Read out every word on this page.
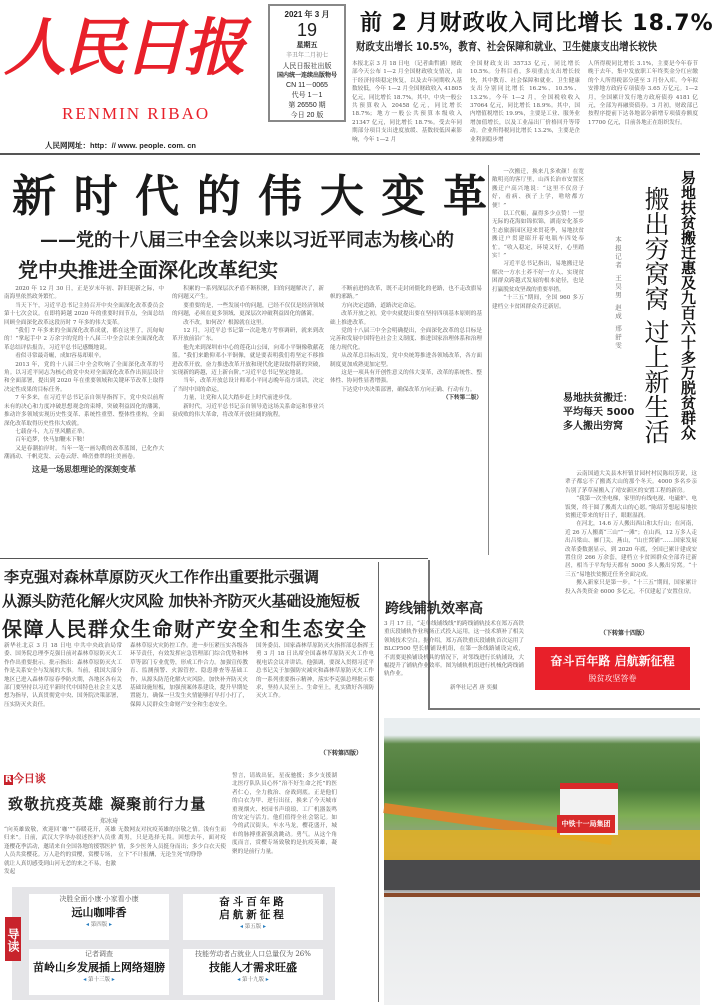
人民日报
RENMIN RIBAO
2021 年 3 月
19
星期五
辛丑年二月初七
人民日报社出版
国内统一连续出版物号
CN 11－0065
代号 1－1
第 26550 期
今日 20 版
人民网网址：http：// www. people. com. cn
前 2 月财政收入同比增长 18.7%
财政支出增长 10.5%，教育、社会保障和就业、卫生健康支出增长较快
本报北京 3 月 18 日电 （记者曲哲涵）财政部今天公布 1—2 月全国财政收支情况，由于经济持续稳定恢复，以及去年同期收入基数较低，今年 1—2 月全国财政收入 41805 亿元，同比增长 18.7%。其中，中央一般公共预算收入 20458 亿元，同比增长 18.7%；地方一般公共预算本级收入 21347 亿元，同比增长 18.7%。受去年同期部分项目支出进度放缓、基数较低因素影响，今年 1—2 月
全国财政支出 35733 亿元，同比增长 10.5%。分科目看，多项重点支出增长较快，其中教育、社会保障和就业、卫生健康支出分别同比增长 16.2%、10.5%、13.2%。今年 1—2 月，全国税收收入 37064 亿元，同比增长 18.9%。其中，国内增值税增长 19.9%，主要是工业、服务业增加值增长，以及工业品出厂价格回升等带动。企业所得税同比增长 13.2%，主要是企业利润稳步增
人所得税同比增长 3.1%，主要是今年春节晚于去年，集中发放职工年终奖金分红应缴的个人所得税部分延至 3 月份入库。今年拟安排地方政府专项债券 3.65 万亿元。1—2 月，全国累计发行地方政府债券 4181 亿元，全部为再融资债券。3 月初，财政部已按程序提前下达各地部分新增专项债券额度 17700 亿元，目前各地正在组织发行。
新 时 代 的 伟 大 变 革
——党的十八届三中全会以来以习近平同志为核心的
党中央推进全面深化改革纪实

2020 年 12 月 30 日，正是岁末年初、辞旧迎新之际，中南海里依然政务繁忙。

当天下午，习近平总书记主持召开中央全面深化改革委员会第十七次会议。在即将跨越 2020 年的重要时间节点，全面总结回顾全面深化改革这段历时 7 年多的伟大变革。

“我们 7 年多来的全面深化改革成就，都在这里了，沉甸甸的！”掌起手中 2 万余字的党的十八届三中全会以来全面深化改革总结评估报告，习近平总书记感慨地说。

看似寻常最奇崛，成如容易却艰辛。

2013 年，党的十八届三中全会吹响了全面深化改革的号角。以习近平同志为核心的党中央对全面深化改革作出顶层设计和全面部署，提出到 2020 年在重要领域和关键环节改革上取得决定性成果的目标任务。

7 年多来，在习近平总书记亲自领导指挥下，党中央以前所未有的决心和力度冲破思想观念的束缚，突破利益固化的藩篱，推动许多领域实现历史性变革、系统性重塑、整体性重构，全面深化改革取得历史性伟大成就。

七载奋斗，九万里风鹏正举。

百年追梦，快马加鞭未下鞍！

又是春潮拍岸时。当年一笔一画勾勒的改革蓝图，已化作大潮涌动、千帆竞发、云卷云舒、峰峦叠翠的壮美画卷。

这是一场思想理论的深刻变革

积累的一系列深层次矛盾不断积聚，旧的问题解决了，新的问题又产生。

要重要的是，一些发展中的问题，已经不仅仅是经济领域的问题，必须在更多领域、更深层次冲破利益固化的藩篱。

改不改，如何改？根源就在这里。

12 月，习近平总书记第一次赴地方考察调研，就来到改革开放前沿广东。

他先来到深圳市中心的莲花山公园，向邓小平铜像敬献花篮。“我们来瞻仰邓小平铜像，就是要表明我们将坚定不移推进改革开放，奋力推进改革开放和现代化建设取得新的突破，实现新的跨越，迈上新台阶。”习近平总书记坚定地说。

当年，改革开放总设计师邓小平同志晚年南方谈话，决定了当时中国的命运。

力量，让党和人民大踏步赶上时代前进步伐。

新时代，习近平总书记亲自领导造这场关系命运和事业兴衰成败的伟大革命，将改革开放壮阔的航程。

不断前进的改革，既不走封闭僵化的老路，也不走改旗易帜的邪路。”

方向决定道路，道路决定命运。

改革开放之初，党中央就提出要在坚持四项基本原则的基础上推进改革。

党的十八届三中全会明确提出，全面深化改革的总目标是完善和发展中国特色社会主义制度、推进国家治理体系和治理能力现代化。

从改革总目标出发，党中央统筹推进各领域改革，各方面制度更加成熟更加定型。

这是一项具有开创性意义的伟大变革，改革的系统性、整体性、协同性显著增强。

下达党中央决策部署，确保改革方向正确、行动有力。

（下转第二版）

一次搬迁，换来几多欢颜！在宽敞明亮的客厅里，山西长治市安置区搬迁户高兴地说：“这里不仅房子好，看病、孩子上学，啥啥都方便！”

以工代赈，赢得多少点赞！一望无际的花海如锦似锦，湖南安化茶乡生态旅游园区迎来贯花季，易地扶贫搬迁户贯建昭开着电瓶车四处奉忙。“收入稳定，环境又好，心里踏实！”

习近平总书记指出，易地搬迁是解决一方水土养不好一方人、实现贫困群众跨越式发展的根本途径，也是打赢脱贫攻坚战的重要举措。

“十三五”期间，全国 960 多万建档立卡贫困群众乔迁新居。	易地扶贫搬迁惠及九百六十多万脱贫群众
搬出穷窝窝 过上新生活
本报记者 王昊男 赵成 邢舒雯
易地扶贫搬迁：平均每天 5000 多人搬出穷窝

云南国通大关县木杆镇甘园村村民陈绍芳说，这辈子都忘不了搬离大山的那个冬天。4000 多名乡亲告别了茅草屋搬入了靖安新区的安置工程的新房。

“我第一次坐电梯，家里的有线电视、电磁炉、电饭煲，终于圆了搬离大山的心愿。”陈绍芳想起易地扶贫搬迁带来的好日子，眼眶湿润。

在河北，14.6 万人搬出西山和太行山；在河南，近 26 万人搬离“三山”“一滩”；在山西，12 万多人走出吕梁山、雁门关、燕山，“山庄窝铺”……国家发展改革委数据显示，到 2020 年底，全国已累计建成安置住房 266 万余套，建档立卡贫困群众全部乔迁新居，相当于平均每天都有 5000 多人搬出穷窝。“十三五”易地扶贫搬迁任务全面完成。

搬入新家只是第一步。“十三五”期间，国家累计投入各类资金 6000 多亿元，不仅建起了安置住房。

（下转第十四版）
奋斗百年路 启航新征程
脱贫攻坚答卷
李克强对森林草原防灭火工作作出重要批示强调
从源头防范化解火灾风险 加快补齐防灭火基础设施短板
保障人民群众生命财产安全和生态安全
新华社北京 3 月 18 日电 中共中央政治局常委、国务院总理李克强日前对森林草原防灭火工作作出重要批示。批示指出：森林草原防灭火工作是关系安全与发展的大事。当前，我国大部分地区已进入森林草原春季防火期，各地区各有关部门要坚持以习近平新时代中国特色社会主义思想为指导，认真贯彻党中央、国务院决策部署，压实防灭火责任。
森林草原火灾防控工作。进一步压紧压实各级各环节责任，有效发挥应急管理部门综合优势和林草等部门专业优势，形成工作合力。加强宣传教育、监测预警、火源管控、隐患排查等基础工作，从源头防范化解火灾风险。加快补齐防灭火基础设施短板，加强预案体系建设，提升早期处置能力，确保一旦发生火情能够打早打小打了，保障人民群众生命财产安全和生态安全。
国务委员、国家森林草原防灭火指挥部总指挥王勇 3 月 18 日出席全国森林草原防灭火工作电视电话会议并讲话。他强调，要深入贯彻习近平总书记关于加强防灾减灾和森林草原防灭火工作的一系列重要指示精神，落实李克强总理批示要求，坚持人民至上、生命至上，扎实做好各项防灭火工作。
（下转第四版）
跨线铺轨效率高
3 月 17 日，“走单线铺线线”的跨线铺轨技术在郑万高铁重庆段铺轨作业现场正式投入运用，这一技术填补了相关领域技术空白。据介绍，郑万高铁重庆段铺轨首次运用了 BLCP500 型长轨铺设机组，在第一条线路铺设完成，不需要更换铺设机具的情况下，对邻线进行长轨铺设，大幅提升了铺轨作业效率。图为铺轨机组进行机械化跨线铺轨作业。
新华社记者 唐 奕摄
中铁十一局集团
R今日谈
致敬抗疫英雄 凝聚前行力量
郑冰琦
“向英雄致敬，欢迎回‘咖’”“春暖花开，英雄归来”。日前，武汉大学举办叙述医护人员重逢樱花季活动，邀请来自全国各地的援鄂医护人员共赏樱花。万人赴约的赏樱，赏樱专场，就让人真切感受到山河无恙的来之不易，也激发起
无数网友对抗疫英雄的崇敬之情。浅有生而离男，只是选择无畏。回想去年，面对疫情，多少医务人员挺身而出；多少白衣天使立下“不计报酬，无论生死”的铮铮
誓言，请战出征，星夜驰援；多少支援湖北医疗队队员心怀“治不好生命之托”的医者仁心，全力救治、奋战到底。正是他们的白衣为甲、逆行出征，换来了今天城市重现烟火、校园书声琅琅、工厂机器轰鸣的安定与活力。他们值得全社会铭记。如今的武汉街头，车水马龙，樱花盛开，城市的脉搏重新强劲跳动。勇气。从这个角度而言，赏樱专场致敬的是抗疫英雄，凝聚的是前行力量。
决胜全面小康·小家看小康
远山咖啡香
◂ 第四版 ▸
奋斗百年路 启航新征程
◂ 第五版 ▸
记者调查
苗岭山乡发展插上网络翅膀
◂ 第十三版 ▸
技能劳动者占就业人口总量仅为 26%
技能人才需求旺盛
◂ 第十九版 ▸
导读
